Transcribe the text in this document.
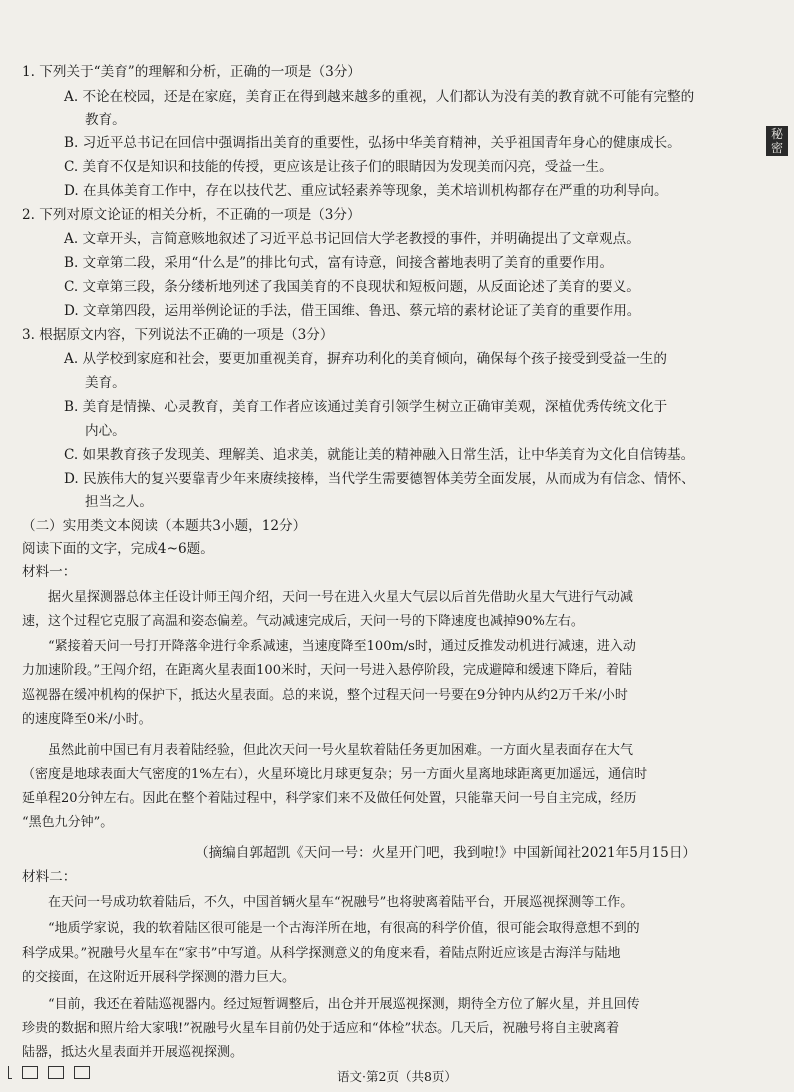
秘密
1. 下列关于“美育”的理解和分析，正确的一项是（3分）
A. 不论在校园，还是在家庭，美育正在得到越来越多的重视，人们都认为没有美的教育就不可能有完整的
教育。
B. 习近平总书记在回信中强调指出美育的重要性，弘扬中华美育精神，关乎祖国青年身心的健康成长。
C. 美育不仅是知识和技能的传授，更应该是让孩子们的眼睛因为发现美而闪亮，受益一生。
D. 在具体美育工作中，存在以技代艺、重应试轻素养等现象，美术培训机构都存在严重的功利导向。
2. 下列对原文论证的相关分析，不正确的一项是（3分）
A. 文章开头，言简意赅地叙述了习近平总书记回信大学老教授的事件，并明确提出了文章观点。
B. 文章第二段，采用“什么是”的排比句式，富有诗意，间接含蓄地表明了美育的重要作用。
C. 文章第三段，条分缕析地列述了我国美育的不良现状和短板问题，从反面论述了美育的要义。
D. 文章第四段，运用举例论证的手法，借王国维、鲁迅、蔡元培的素材论证了美育的重要作用。
3. 根据原文内容，下列说法不正确的一项是（3分）
A. 从学校到家庭和社会，要更加重视美育，摒弃功利化的美育倾向，确保每个孩子接受到受益一生的
美育。
B. 美育是情操、心灵教育，美育工作者应该通过美育引领学生树立正确审美观，深植优秀传统文化于
内心。
C. 如果教育孩子发现美、理解美、追求美，就能让美的精神融入日常生活，让中华美育为文化自信铸基。
D. 民族伟大的复兴要靠青少年来赓续接棒，当代学生需要德智体美劳全面发展，从而成为有信念、情怀、
担当之人。
（二）实用类文本阅读（本题共3小题，12分）
阅读下面的文字，完成4~6题。
材料一：
据火星探测器总体主任设计师王闯介绍，天问一号在进入火星大气层以后首先借助火星大气进行气动减
速，这个过程它克服了高温和姿态偏差。气动减速完成后，天问一号的下降速度也减掉90%左右。
“紧接着天问一号打开降落伞进行伞系减速，当速度降至100m/s时，通过反推发动机进行减速，进入动
力加速阶段。”王闯介绍，在距离火星表面100米时，天问一号进入悬停阶段，完成避障和缓速下降后，着陆
巡视器在缓冲机构的保护下，抵达火星表面。总的来说，整个过程天问一号要在9分钟内从约2万千米/小时
的速度降至0米/小时。
虽然此前中国已有月表着陆经验，但此次天问一号火星软着陆任务更加困难。一方面火星表面存在大气
（密度是地球表面大气密度的1%左右），火星环境比月球更复杂；另一方面火星离地球距离更加遥远，通信时
延单程20分钟左右。因此在整个着陆过程中，科学家们来不及做任何处置，只能靠天问一号自主完成，经历
“黑色九分钟”。
（摘编自郭超凯《天问一号：火星开门吧，我到啦!》中国新闻社2021年5月15日）
材料二：
在天问一号成功软着陆后，不久，中国首辆火星车“祝融号”也将驶离着陆平台，开展巡视探测等工作。
“地质学家说，我的软着陆区很可能是一个古海洋所在地，有很高的科学价值，很可能会取得意想不到的
科学成果。”祝融号火星车在“家书”中写道。从科学探测意义的角度来看，着陆点附近应该是古海洋与陆地
的交接面，在这附近开展科学探测的潜力巨大。
“目前，我还在着陆巡视器内。经过短暂调整后，出仓并开展巡视探测，期待全方位了解火星，并且回传
珍贵的数据和照片给大家哦!”祝融号火星车目前仍处于适应和“体检”状态。几天后，祝融号将自主驶离着
陆器，抵达火星表面并开展巡视探测。
语文·第2页（共8页）
